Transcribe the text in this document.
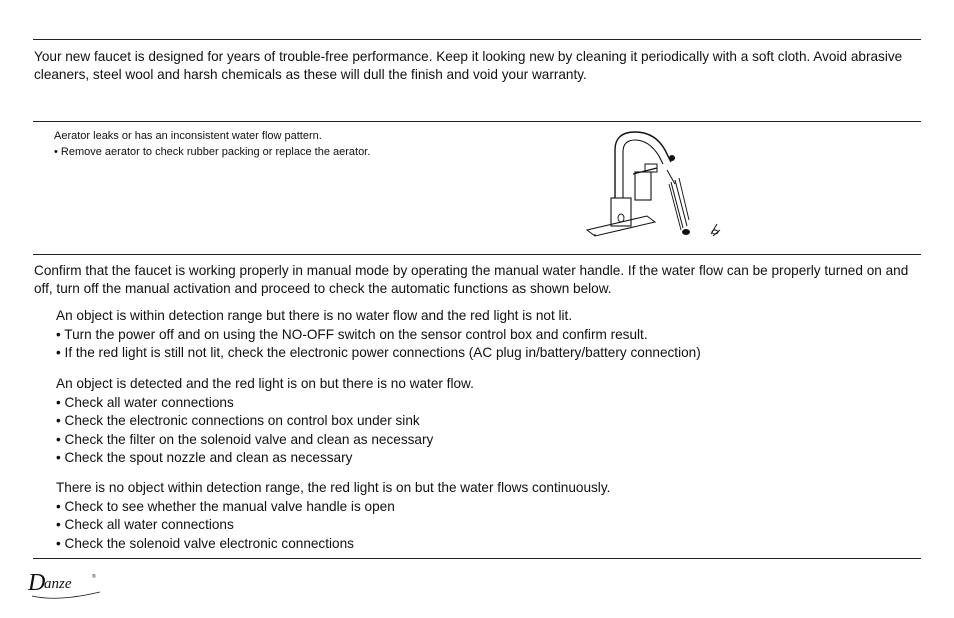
Your new faucet is designed for years of trouble-free performance. Keep it looking new by cleaning it periodically with a soft cloth. Avoid abrasive cleaners, steel wool and harsh chemicals as these will dull the finish and void your warranty.

Aerator leaks or has an inconsistent water flow pattern.
• Remove aerator to check rubber packing or replace the aerator.

Confirm that the faucet is working properly in manual mode by operating the manual water handle. If the water flow can be properly turned on and off, turn off the manual activation and proceed to check the automatic functions as shown below.

An object is within detection range but there is no water flow and the red light is not lit.
• Turn the power off and on using the NO-OFF switch on the sensor control box and confirm result.
• If the red light is still not lit, check the electronic power connections (AC plug in/battery/battery connection)
An object is detected and the red light is on but there is no water flow.
• Check all water connections
• Check the electronic connections on control box under sink
• Check the filter on the solenoid valve and clean as necessary
• Check the spout nozzle and clean as necessary
There is no object within detection range, the red light is on but the water flows continuously.
• Check to see whether the manual valve handle is open
• Check all water connections
• Check the solenoid valve electronic connections
D
anze	®
